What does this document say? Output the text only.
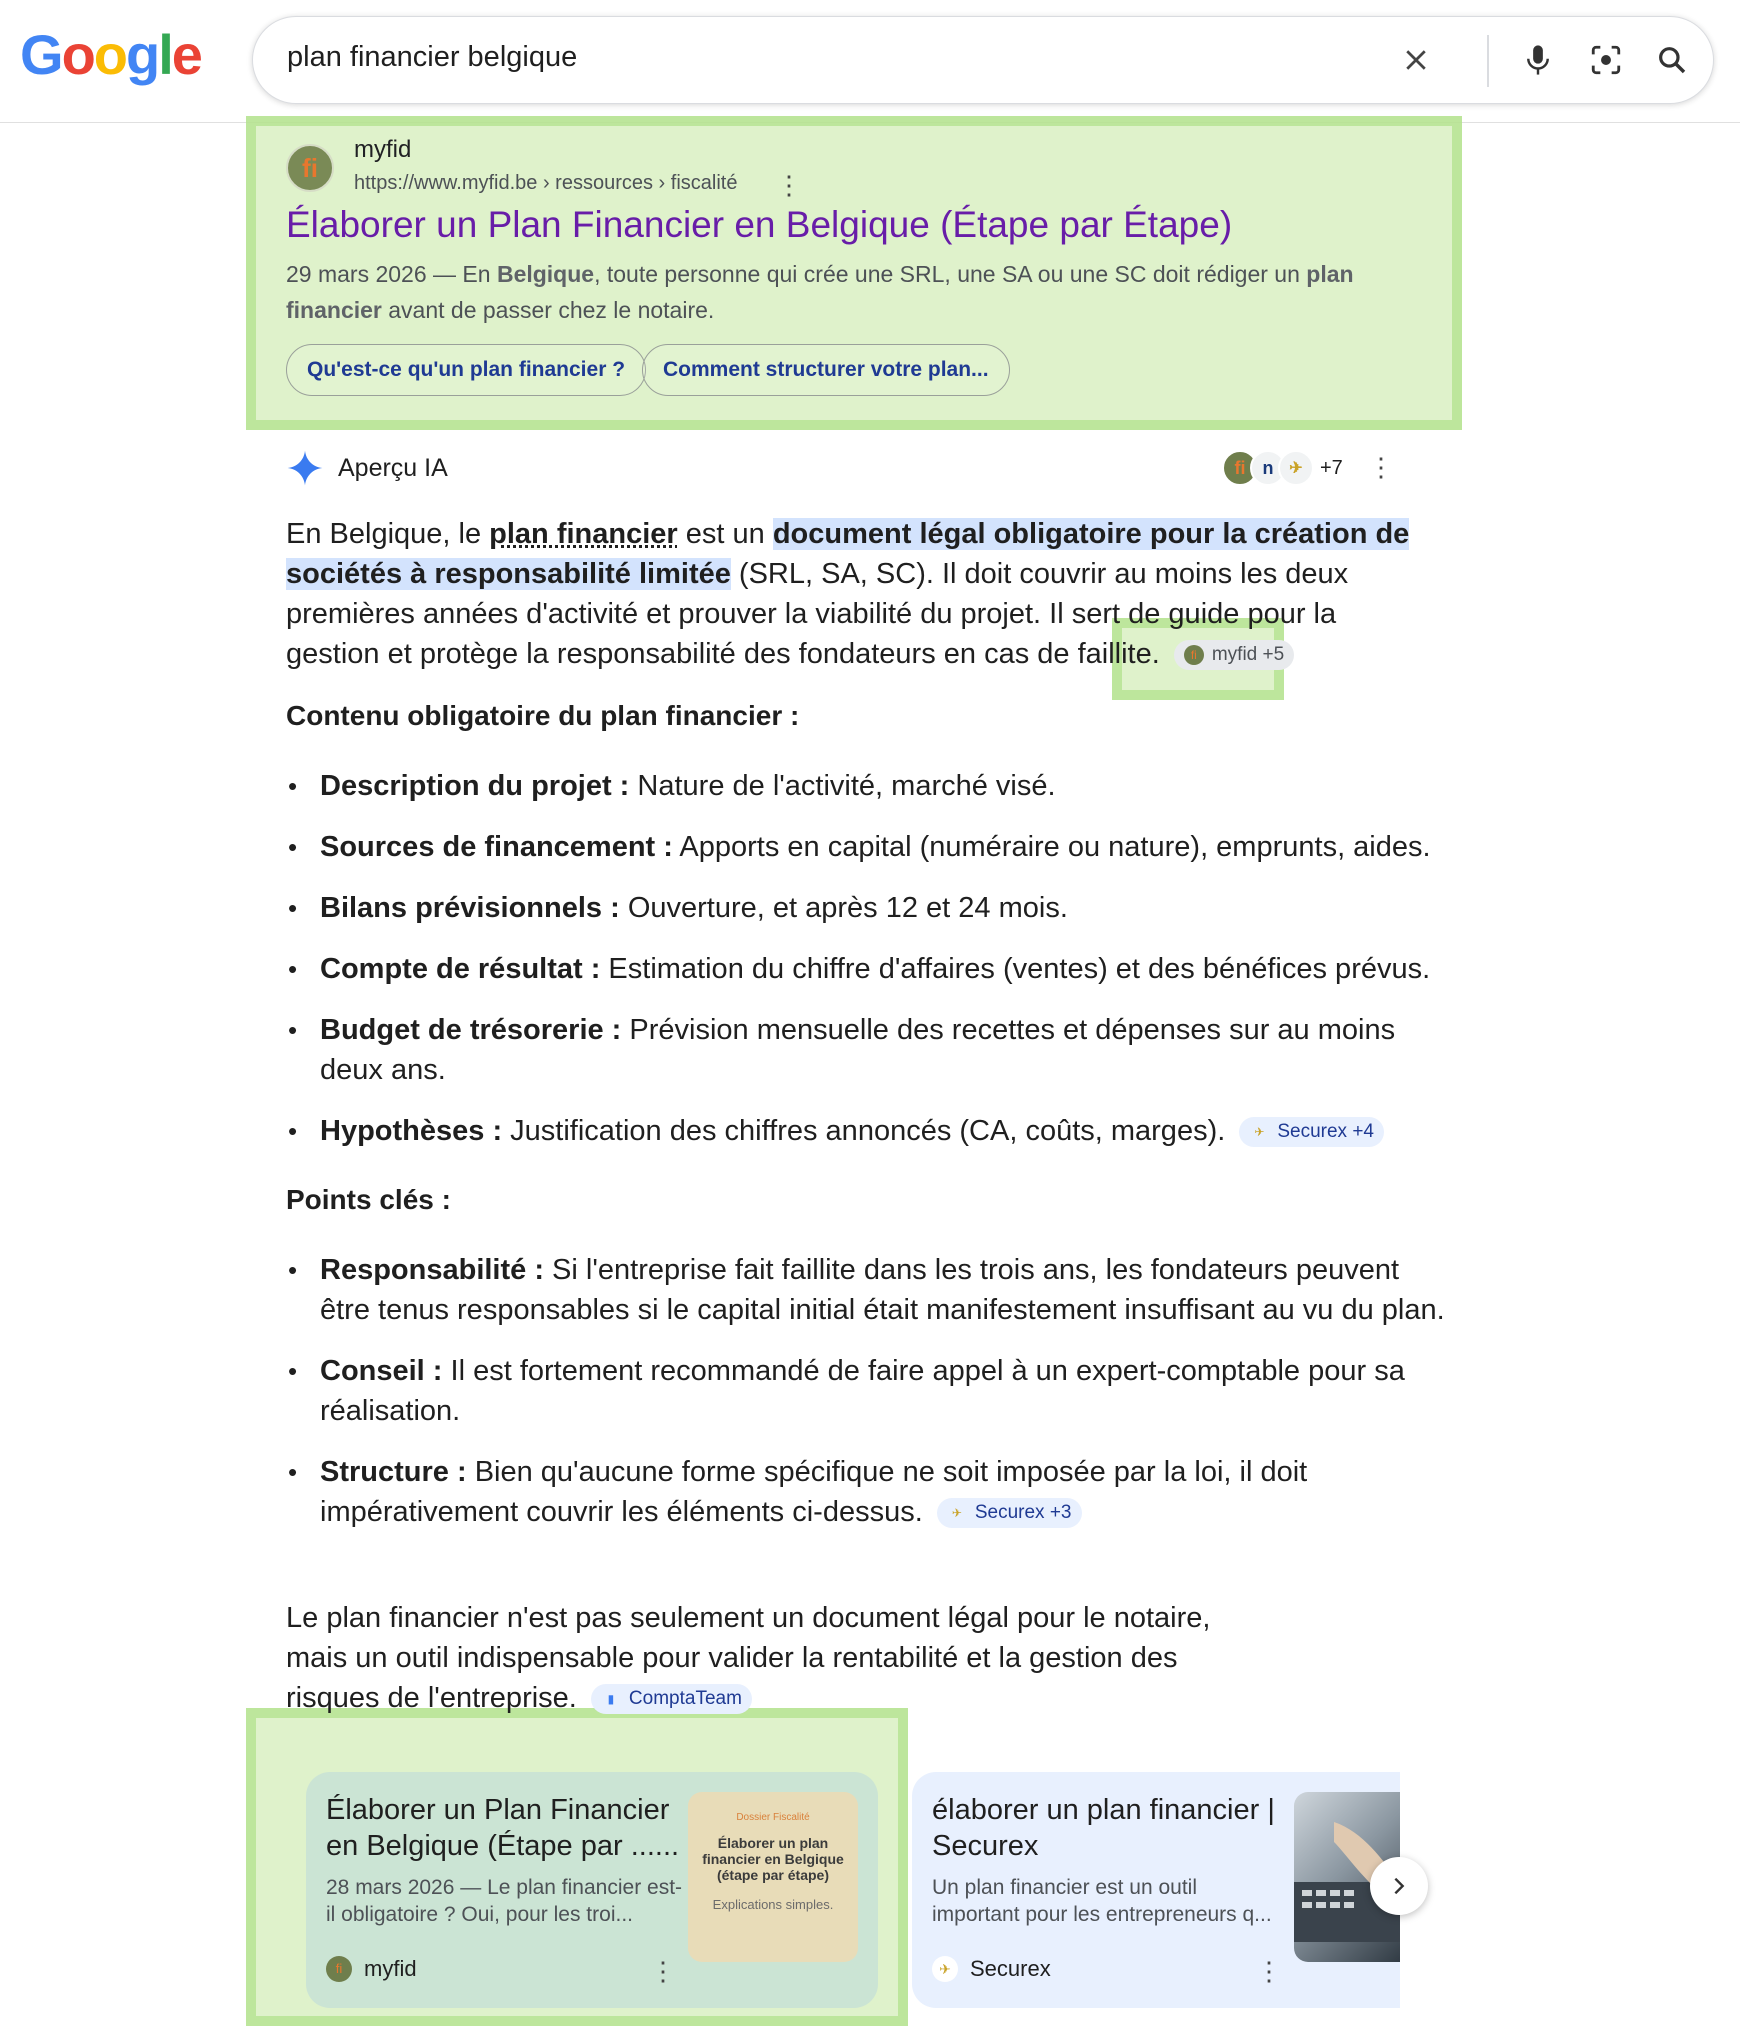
Google	plan financier belgique
fi
myfid
https://www.myfid.be › ressources › fiscalité ⋮
Élaborer un Plan Financier en Belgique (Étape par Étape)
29 mars 2026 — En Belgique, toute personne qui crée une SRL, une SA ou une SC doit rédiger un plan financier avant de passer chez le notaire.
Qu'est-ce qu'un plan financier ?	Comment structurer votre plan...
Aperçu IA	fi n ✈ +7 ⋮
En Belgique, le plan financier est un document légal obligatoire pour la création de sociétés à responsabilité limitée (SRL, SA, SC). Il doit couvrir au moins les deux premières années d'activité et prouver la viabilité du projet. Il sert de guide pour la gestion et protège la responsabilité des fondateurs en cas de faillite.	fi myfid +5
Contenu obligatoire du plan financier :
• Description du projet : Nature de l'activité, marché visé.
• Sources de financement : Apports en capital (numéraire ou nature), emprunts, aides.
• Bilans prévisionnels : Ouverture, et après 12 et 24 mois.
• Compte de résultat : Estimation du chiffre d'affaires (ventes) et des bénéfices prévus.
• Budget de trésorerie : Prévision mensuelle des recettes et dépenses sur au moins deux ans.
• Hypothèses : Justification des chiffres annoncés (CA, coûts, marges).	✈ Securex +4
Points clés :
• Responsabilité : Si l'entreprise fait faillite dans les trois ans, les fondateurs peuvent être tenus responsables si le capital initial était manifestement insuffisant au vu du plan.
• Conseil : Il est fortement recommandé de faire appel à un expert-comptable pour sa réalisation.
• Structure : Bien qu'aucune forme spécifique ne soit imposée par la loi, il doit impérativement couvrir les éléments ci-dessus.	✈ Securex +3
Le plan financier n'est pas seulement un document légal pour le notaire, mais un outil indispensable pour valider la rentabilité et la gestion des risques de l'entreprise.	▮ ComptaTeam
Élaborer un Plan Financier en Belgique (Étape par ......
28 mars 2026 — Le plan financier est-il obligatoire ? Oui, pour les troi...
fi myfid	⋮
Dossier Fiscalité
Élaborer un plan financier en Belgique (étape par étape)
Explications simples.
élaborer un plan financier | Securex
Un plan financier est un outil important pour les entrepreneurs q...
✈ Securex	⋮
